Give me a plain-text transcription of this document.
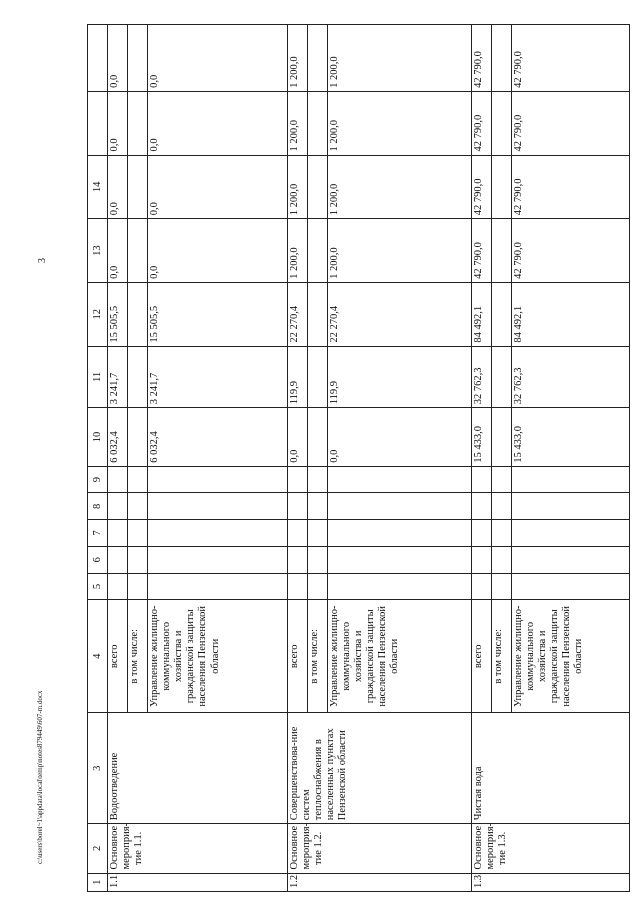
3
c:\users\borel~1\appdata\local\temp\notes879449\607-m.docx
1	2	3	4	5	6	7	8	9	10	11	12	13	14		
1.1.	Основное мероприя-тие 1.1.	Водоотведение	всего						6 032,4	3 241,7	15 505,5	0,0	0,0	0,0	0,0
			в том числе:												
			Управление жилищно-коммунального хозяйства и гражданской защиты населения Пензенской области						6 032,4	3 241,7	15 505,5	0,0	0,0	0,0	0,0
1.2.	Основное мероприя-тие 1.2.	Совершенствова-ние систем теплоснабжения в населенных пунктах Пензенской области	всего						0,0	119,9	22 270,4	1 200,0	1 200,0	1 200,0	1 200,0
			в том числе:												
			Управление жилищно-коммунального хозяйства и гражданской защиты населения Пензенской области						0,0	119,9	22 270,4	1 200,0	1 200,0	1 200,0	1 200,0
1.3.	Основное мероприя-тие 1.3.	Чистая вода	всего						15 433,0	32 762,3	84 492,1	42 790,0	42 790,0	42 790,0	42 790,0
			в том числе:												
			Управление жилищно-коммунального хозяйства и гражданской защиты населения Пензенской области						15 433,0	32 762,3	84 492,1	42 790,0	42 790,0	42 790,0	42 790,0
